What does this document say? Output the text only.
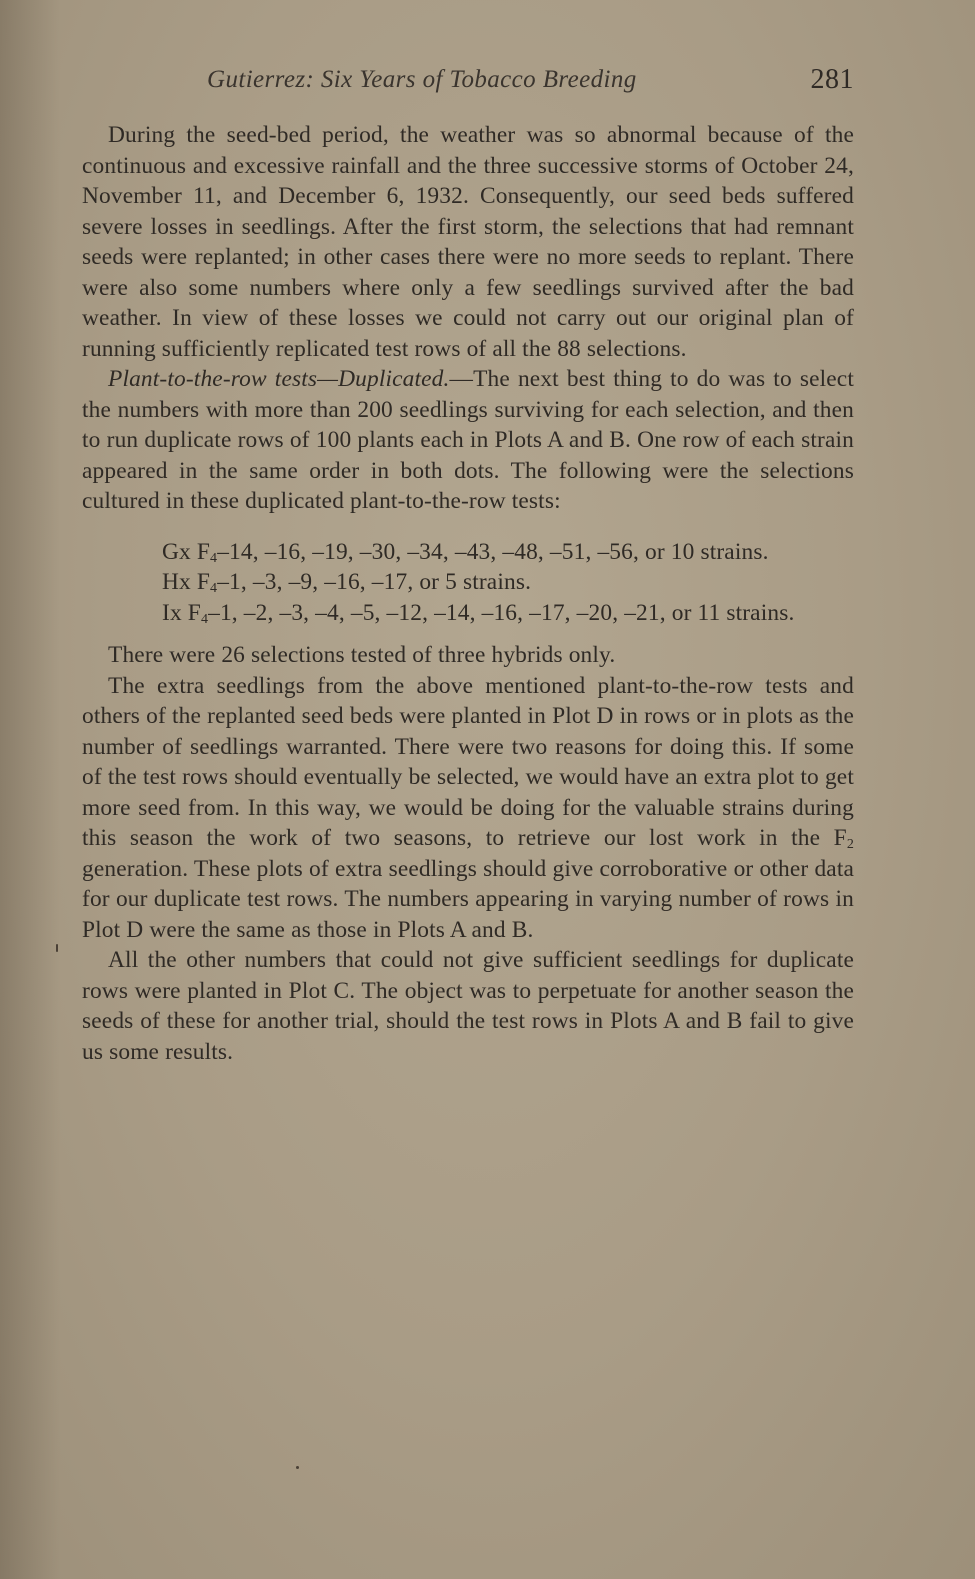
Gutierrez: Six Years of Tobacco Breeding	281

During the seed-bed period, the weather was so abnormal because of the continuous and excessive rainfall and the three successive storms of October 24, November 11, and December 6, 1932. Consequently, our seed beds suffered severe losses in seedlings. After the first storm, the selections that had remnant seeds were replanted; in other cases there were no more seeds to replant. There were also some numbers where only a few seedlings survived after the bad weather. In view of these losses we could not carry out our original plan of running sufficiently replicated test rows of all the 88 selections.

Plant-to-the-row tests—Duplicated.—The next best thing to do was to select the numbers with more than 200 seedlings surviving for each selection, and then to run duplicate rows of 100 plants each in Plots A and B. One row of each strain appeared in the same order in both dots. The following were the selections cultured in these duplicated plant-to-the-row tests:

Gx $F_4-14$, –16, –19, –30, –34, –43, –48, –51, –56, or 10 strains.
Hx $F_4-1$, –3, –9, –16, –17, or 5 strains.
Ix $F_4-1$, –2, –3, –4, –5, –12, –14, –16, –17, –20, –21, or 11 strains.

There were 26 selections tested of three hybrids only.

The extra seedlings from the above mentioned plant-to-the-row tests and others of the replanted seed beds were planted in Plot D in rows or in plots as the number of seedlings warranted. There were two reasons for doing this. If some of the test rows should eventually be selected, we would have an extra plot to get more seed from. In this way, we would be doing for the valuable strains during this season the work of two seasons, to retrieve our lost work in the $F_2$ generation. These plots of extra seedlings should give corroborative or other data for our duplicate test rows. The numbers appearing in varying number of rows in Plot D were the same as those in Plots A and B.

All the other numbers that could not give sufficient seedlings for duplicate rows were planted in Plot C. The object was to perpetuate for another season the seeds of these for another trial, should the test rows in Plots A and B fail to give us some results.
